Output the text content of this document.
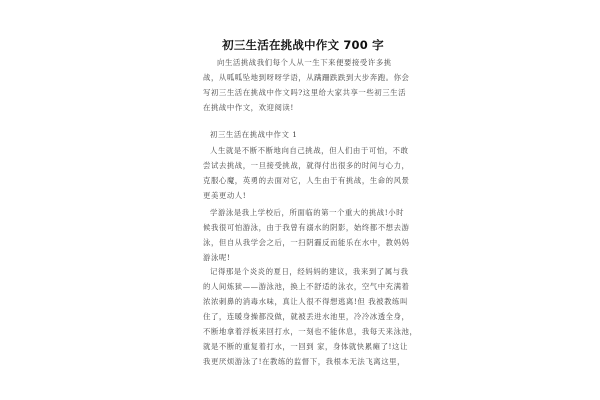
初三生活在挑战中作文 700 字
向生活挑战我们每个人从一生下来便要接受许多挑
战，从呱呱坠地到呀呀学语，从蹒跚跌跌到大步奔跑。你会
写初三生活在挑战中作文吗?这里给大家共享一些初三生活
在挑战中作文，欢迎阅读!
初三生活在挑战中作文 1
人生就是不断不断地向自己挑战，但人们由于可怕，不敢
尝试去挑战，一旦接受挑战，就得付出很多的时间与心力，
克服心魔，英勇的去面对它，人生由于有挑战，生命的风景
更美更动人!
学游泳是我上学校后，所面临的第一个重大的挑战!小时
候我很可怕游泳，由于我曾有溺水的阴影，始终都不想去游
泳，但自从我学会之后，一扫阴霾反而能乐在水中，教妈妈
游泳呢!
记得那是个炎炎的夏日，经妈妈的建议，我来到了属与我
的人间炼狱——游泳池，换上不舒适的泳衣，空气中充满着
浓浓刺鼻的消毒水味，真让人很不得想逃离!但 我被教练叫
住了，连暖身操都没做，就被丢进水池里，冷冷冰透全身，
不断地拿着浮板来回打水，一刻也不能休息，我每天来泳池，
就是不断的重复着打水，一回到 家，身体就快累瘫了!这让
我更厌烦游泳了!在教练的监督下，我根本无法飞离这里，
